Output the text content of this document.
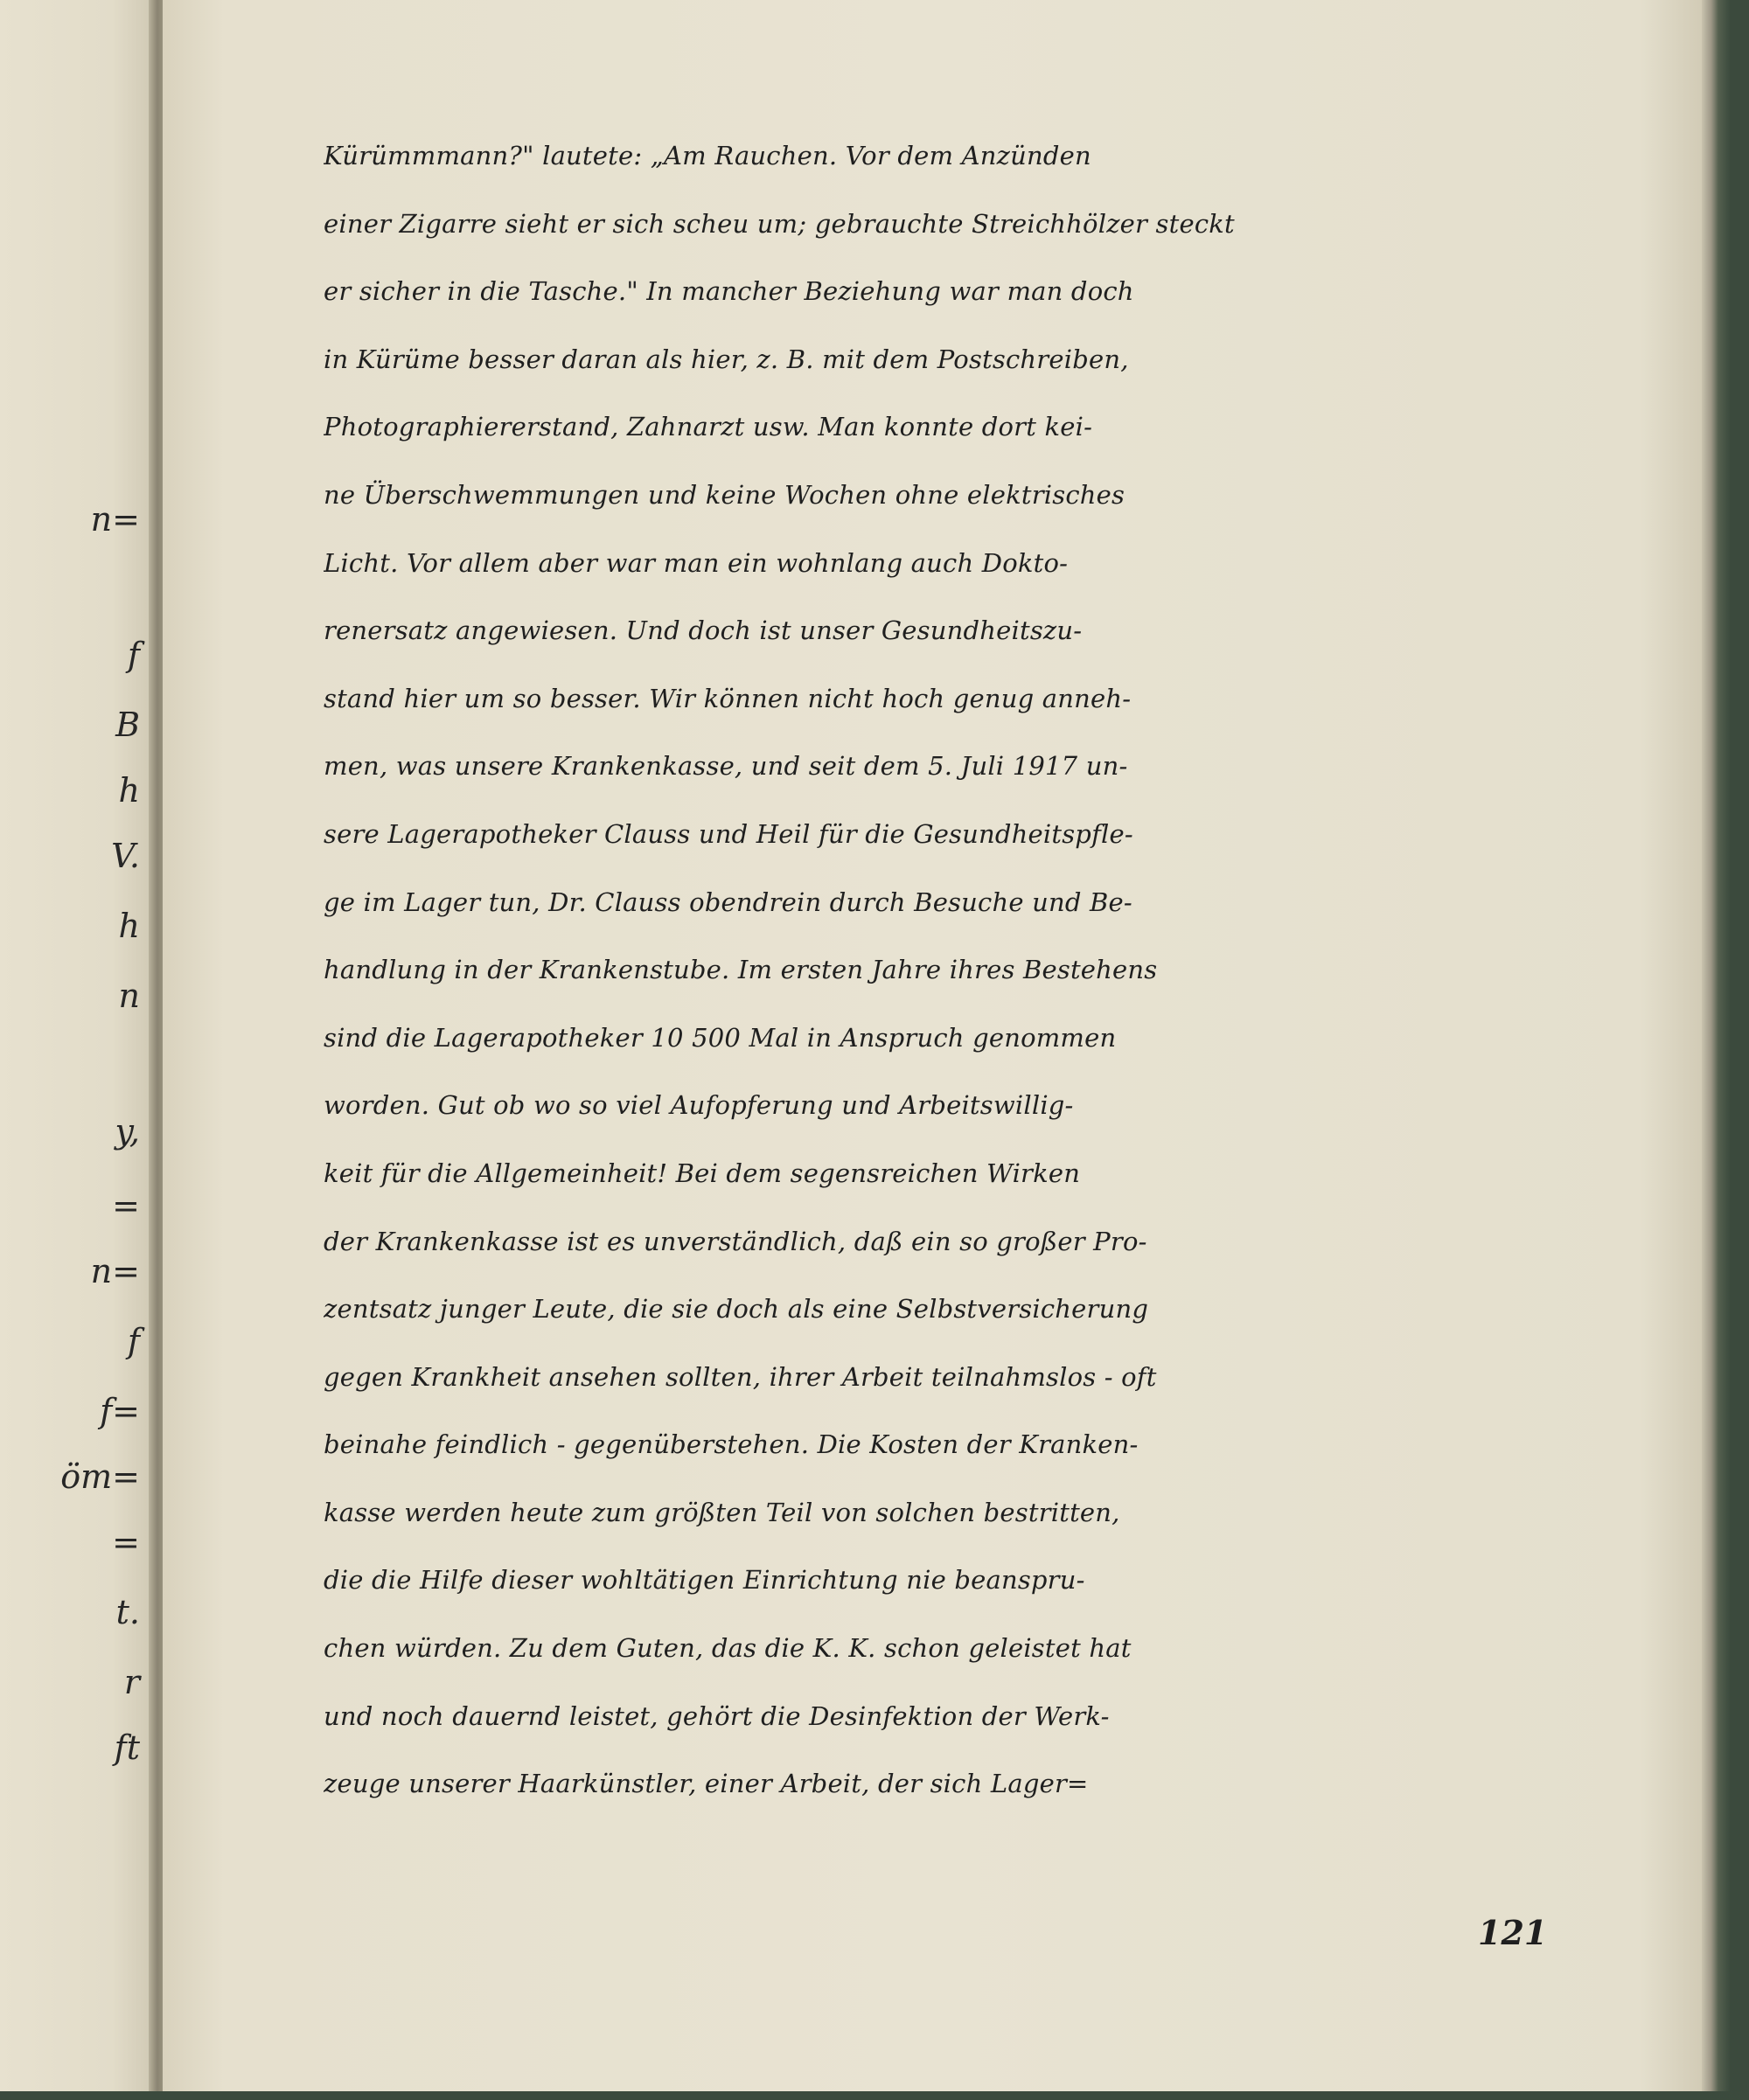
n=
f
B
h
V.
h
n
y,
=
n=
f
f=
öm=
=
t.
r
ft
Kürümmmann?" lautete: „Am Rauchen. Vor dem Anzünden
einer Zigarre sieht er sich scheu um; gebrauchte Streichhölzer steckt
er sicher in die Tasche." In mancher Beziehung war man doch
in Kürüme besser daran als hier, z. B. mit dem Postschreiben,
Photographiererstand, Zahnarzt usw. Man konnte dort kei-
ne Überschwemmungen und keine Wochen ohne elektrisches
Licht. Vor allem aber war man ein wohnlang auch Dokto-
renersatz angewiesen. Und doch ist unser Gesundheitszu-
stand hier um so besser. Wir können nicht hoch genug anneh-
men, was unsere Krankenkasse, und seit dem 5. Juli 1917 un-
sere Lagerapotheker Clauss und Heil für die Gesundheitspfle-
ge im Lager tun, Dr. Clauss obendrein durch Besuche und Be-
handlung in der Krankenstube. Im ersten Jahre ihres Bestehens
sind die Lagerapotheker 10 500 Mal in Anspruch genommen
worden. Gut ob wo so viel Aufopferung und Arbeitswillig-
keit für die Allgemeinheit! Bei dem segensreichen Wirken
der Krankenkasse ist es unverständlich, daß ein so großer Pro-
zentsatz junger Leute, die sie doch als eine Selbstversicherung
gegen Krankheit ansehen sollten, ihrer Arbeit teilnahmslos - oft
beinahe feindlich - gegenüberstehen. Die Kosten der Kranken-
kasse werden heute zum größten Teil von solchen bestritten,
die die Hilfe dieser wohltätigen Einrichtung nie beanspru-
chen würden. Zu dem Guten, das die K. K. schon geleistet hat
und noch dauernd leistet, gehört die Desinfektion der Werk-
zeuge unserer Haarkünstler, einer Arbeit, der sich Lager=
121
